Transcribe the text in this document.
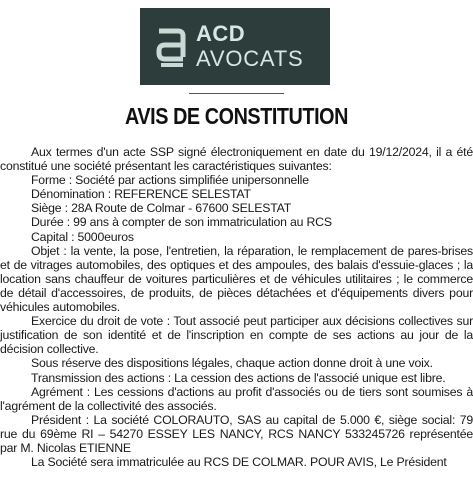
ACD
AVOCATS
AVIS DE CONSTITUTION

Aux termes d'un acte SSP signé électroniquement en date du 19/12/2024, il a été constitué une société présentant les caractéristiques suivantes:

Forme : Société par actions simplifiée unipersonnelle

Dénomination : REFERENCE SELESTAT

Siège : 28A Route de Colmar - 67600 SELESTAT

Durée : 99 ans à compter de son immatriculation au RCS

Capital : 5000euros

Objet : la vente, la pose, l'entretien, la réparation, le remplacement de pares-brises et de vitrages automobiles, des optiques et des ampoules, des balais d'essuie-glaces ; la location sans chauffeur de voitures particulières et de véhicules utilitaires ; le commerce de détail d'accessoires, de produits, de pièces détachées et d'équipements divers pour véhicules automobiles.

Exercice du droit de vote : Tout associé peut participer aux décisions collectives sur justification de son identité et de l'inscription en compte de ses actions au jour de la décision collective.

Sous réserve des dispositions légales, chaque action donne droit à une voix.

Transmission des actions : La cession des actions de l'associé unique est libre.

Agrément : Les cessions d'actions au profit d'associés ou de tiers sont soumises à l'agrément de la collectivité des associés.

Président : La société COLORAUTO, SAS au capital de 5.000 €, siège social: 79 rue du 69ème RI – 54270 ESSEY LES NANCY, RCS NANCY 533245726 représentée par M. Nicolas ETIENNE

La Société sera immatriculée au RCS DE COLMAR. POUR AVIS, Le Président
